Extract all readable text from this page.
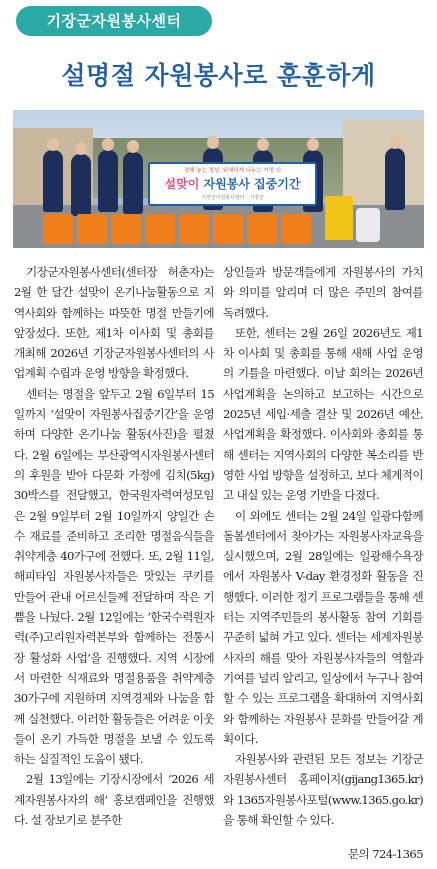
기장군자원봉사센터
설명절 자원봉사로 훈훈하게
정해 놓는 정성, 위새하게 나누는 가정 쉬
설맞이 자원봉사 집중기간
기장군자원봉사센터 · 기장군

기장군자원봉사센터(센터장 허춘자)는 2월 한 달간 설맞이 온기나눔활동으로 지역사회와 함께하는 따뜻한 명절 만들기에 앞장섰다. 또한, 제1차 이사회 및 총회를 개최해 2026년 기장군자원봉사센터의 사업계획 수립과 운영 방향을 확정했다.

센터는 명절을 앞두고 2월 6일부터 15일까지 ‘설맞이 자원봉사집중기간’을 운영하며 다양한 온기나눔 활동(사진)을 펼쳤다. 2월 6일에는 부산광역시자원봉사센터의 후원을 받아 다문화 가정에 김치(5kg) 30박스를 전달했고, 한국원자력여성모임은 2월 9일부터 2월 10일까지 양일간 손수 재료를 준비하고 조리한 명절음식들을 취약계층 40가구에 전했다. 또, 2월 11일, 해피타임 자원봉사자들은 맛있는 쿠키를 만들어 관내 어르신들께 전달하며 작은 기쁨을 나눴다. 2월 12일에는 ‘한국수력원자력(주)고리원자력본부와 함께하는 전통시장 활성화 사업’을 진행했다. 지역 시장에서 마련한 식재료와 명절용품을 취약계층 30가구에 지원하며 지역경제와 나눔을 함께 실천했다. 이러한 활동들은 어려운 이웃들이 온기 가득한 명절을 보낼 수 있도록 하는 실질적인 도움이 됐다.

2월 13일에는 기장시장에서 ‘2026 세계자원봉사자의 해’ 홍보캠페인을 진행했다. 설 장보기로 분주한

상인들과 방문객들에게 자원봉사의 가치와 의미를 알리며 더 많은 주민의 참여를 독려했다.

또한, 센터는 2월 26일 2026년도 제1차 이사회 및 총회를 통해 새해 사업 운영의 기틀을 마련했다. 이날 회의는 2026년 사업계획을 논의하고 보고하는 시간으로 2025년 세입·세출 결산 및 2026년 예산, 사업계획을 확정했다. 이사회와 총회를 통해 센터는 지역사회의 다양한 복소리를 반영한 사업 방향을 설정하고, 보다 체계적이고 내실 있는 운영 기반을 다졌다.

이 외에도 센터는 2월 24일 일광다함께돌봄센터에서 찾아가는 자원봉사자교육을 실시했으며, 2월 28일에는 일광해수욕장에서 자원봉사 V-day 환경정화 활동을 진행했다. 이러한 정기 프로그램들을 통해 센터는 지역주민들의 봉사활동 참여 기회를 꾸준히 넓혀 가고 있다. 센터는 세계자원봉사자의 해를 맞아 자원봉사자들의 역할과 기여를 널리 알리고, 일상에서 누구나 참여할 수 있는 프로그램을 확대하여 지역사회와 함께하는 자원봉사 문화를 만들어갈 계획이다.

자원봉사와 관련된 모든 정보는 기장군자원봉사센터 홈페이지(gijang1365.kr)와 1365자원봉사포털(www.1365.go.kr)을 통해 확인할 수 있다.

문의 724-1365
